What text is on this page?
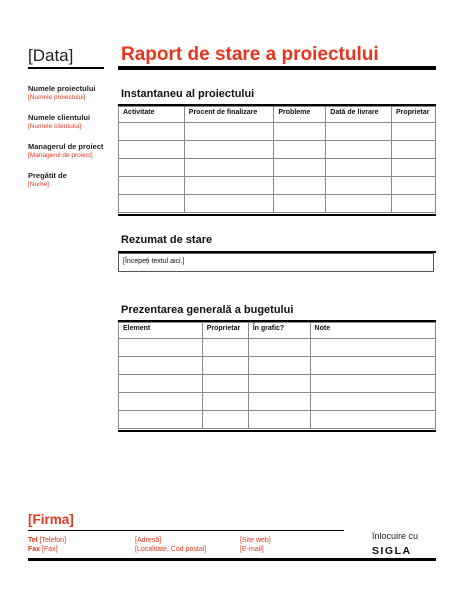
[Data]	Raport de stare a proiectului
Numele proiectului
[Numele proiectului]
Numele clientului
[Numele clientului]
Managerul de proiect
[Managerul de proiect]
Pregătit de
[Nume]
Instantaneu al proiectului
Activitate	Procent de finalizare	Probleme	Dată de livrare	Proprietar

Rezumat de stare
[Începeți textul aici.]
Prezentarea generală a bugetului
Element	Proprietar	În grafic?	Note

[Firma]
Tel [Telefon]
Fax [Fax]
[Adresă]
[Localitate, Cod poștal]
[Site web]
[E-mail]
înlocuire cu
SIGLA
